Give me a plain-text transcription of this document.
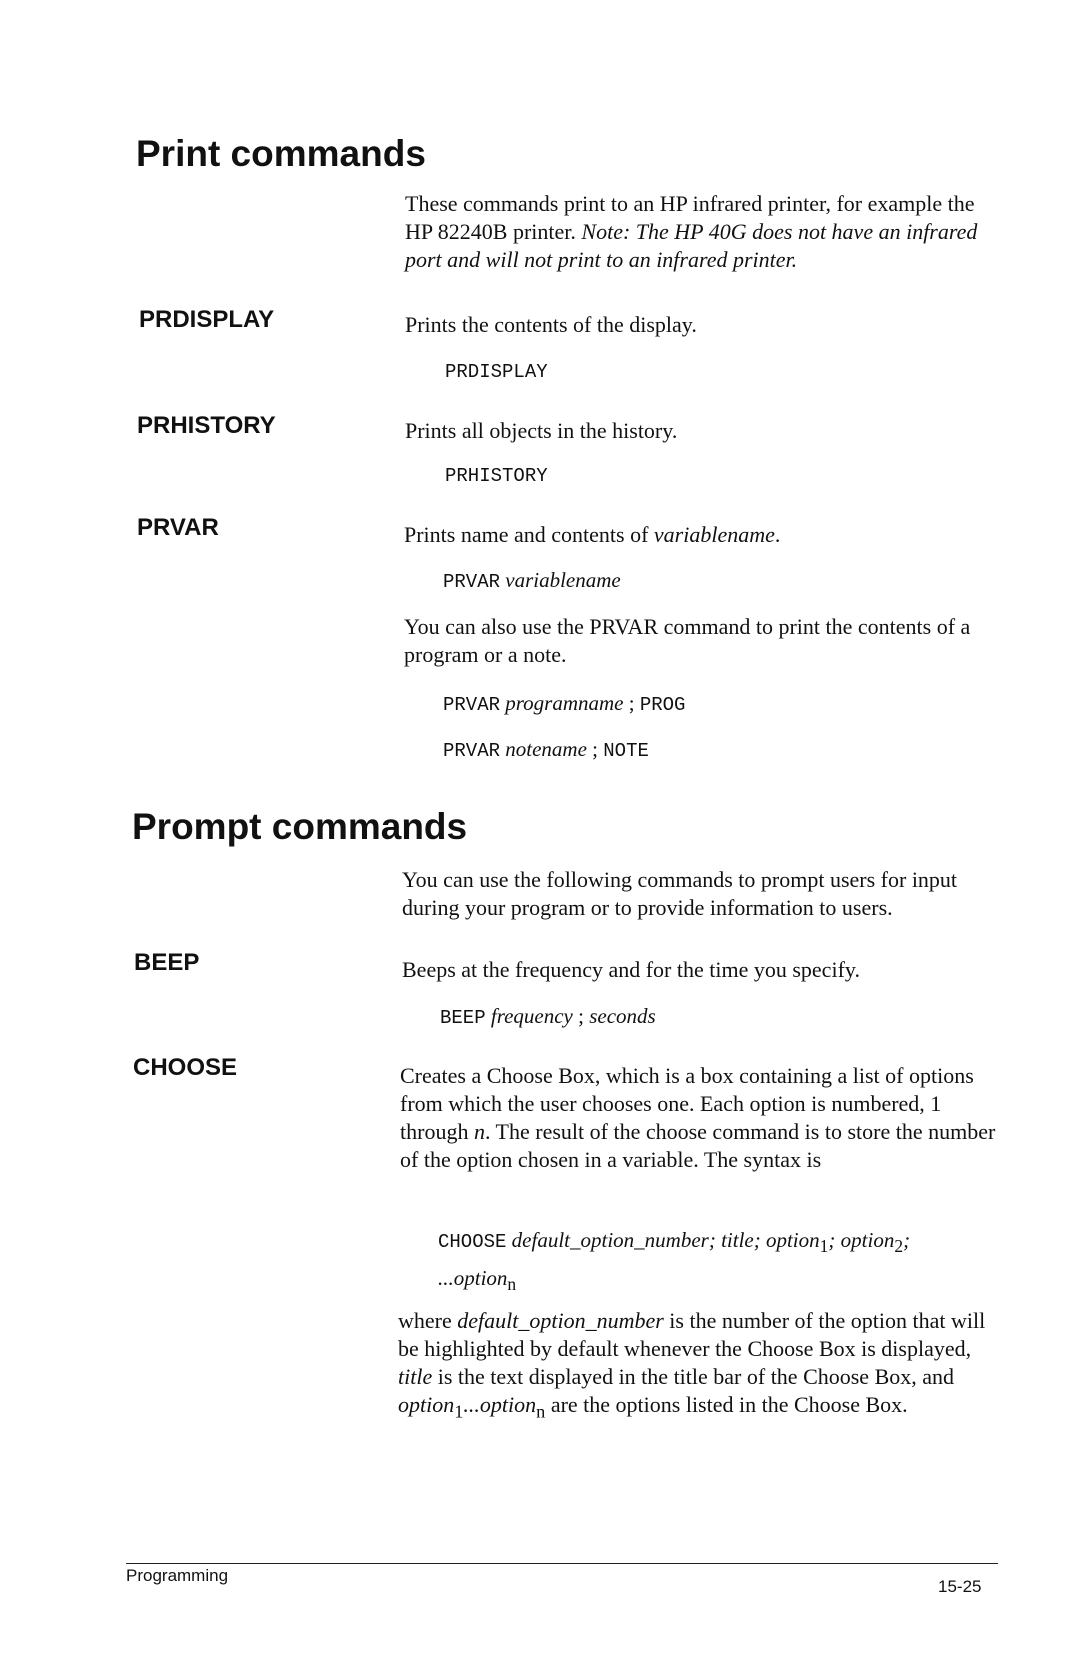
Print commands

These commands print to an HP infrared printer, for example the HP 82240B printer. Note: The HP 40G does not have an infrared port and will not print to an infrared printer.

PRDISPLAY	Prints the contents of the display.

PRDISPLAY

PRHISTORY	Prints all objects in the history.

PRHISTORY

PRVAR	Prints name and contents of variablename.

PRVAR variablename

You can also use the PRVAR command to print the contents of a program or a note.

PRVAR programname ; PROG

PRVAR notename ; NOTE

Prompt commands

You can use the following commands to prompt users for input during your program or to provide information to users.

BEEP	Beeps at the frequency and for the time you specify.

BEEP frequency ; seconds

CHOOSE	Creates a Choose Box, which is a box containing a list of options from which the user chooses one. Each option is numbered, 1 through n. The result of the choose command is to store the number of the option chosen in a variable. The syntax is

CHOOSE default_option_number; title; option$_1$; option$_2$;
...option$_n$

where default_option_number is the number of the option that will be highlighted by default whenever the Choose Box is displayed, title is the text displayed in the title bar of the Choose Box, and option$_1$...option$_n$ are the options listed in the Choose Box.

Programming
15-25
